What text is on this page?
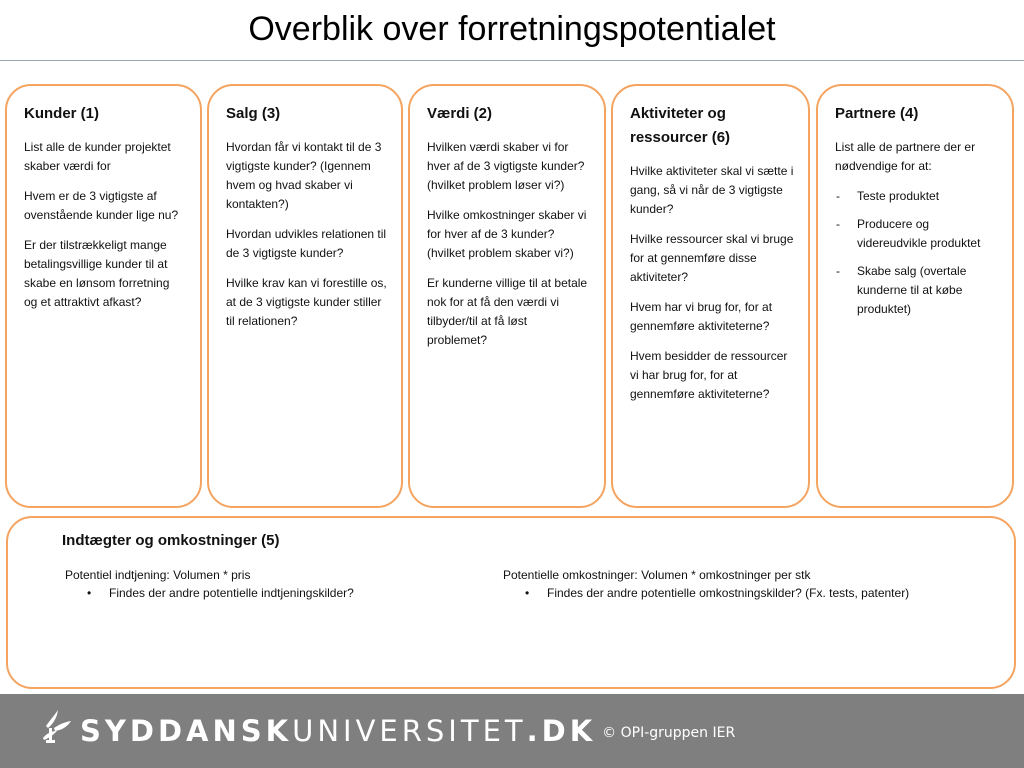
Overblik over forretningspotentialet
Kunder (1)

List alle de kunder projektet skaber værdi for

Hvem er de 3 vigtigste af ovenstående kunder lige nu?

Er der tilstrækkeligt mange betalingsvillige kunder til at skabe en lønsom forretning og et attraktivt afkast?

Salg (3)

Hvordan får vi kontakt til de 3 vigtigste kunder? (Igennem hvem og hvad skaber vi kontakten?)

Hvordan udvikles relationen til de 3 vigtigste kunder?

Hvilke krav kan vi forestille os, at de 3 vigtigste kunder stiller til relationen?

Værdi (2)

Hvilken værdi skaber vi for hver af de 3 vigtigste kunder? (hvilket problem løser vi?)

Hvilke omkostninger skaber vi for hver af de 3 kunder? (hvilket problem skaber vi?)

Er kunderne villige til at betale nok for at få den værdi vi tilbyder/til at få løst problemet?

Aktiviteter og ressourcer (6)

Hvilke aktiviteter skal vi sætte i gang, så vi når de 3 vigtigste kunder?

Hvilke ressourcer skal vi bruge for at gennemføre disse aktiviteter?

Hvem har vi brug for, for at gennemføre aktiviteterne?

Hvem besidder de ressourcer vi har brug for, for at gennemføre aktiviteterne?

Partnere (4)

List alle de partnere der er nødvendige for at:

- Teste produktet
- Producere og videreudvikle produktet
- Skabe salg (overtale kunderne til at købe produktet)
Indtægter og omkostninger (5)
Potentiel indtjening: Volumen * pris
• Findes der andre potentielle indtjeningskilder?
Potentielle omkostninger: Volumen * omkostninger per stk
• Findes der andre potentielle omkostningskilder? (Fx. tests, patenter)
SYDDANSKUNIVERSITET.DK © OPI-gruppen IER
